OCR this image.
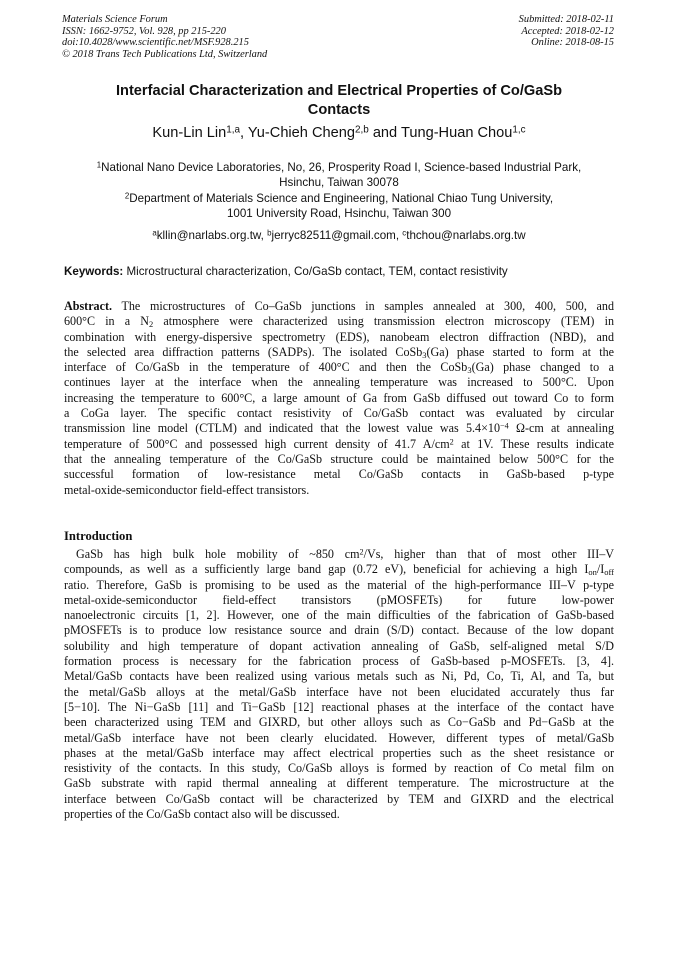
Materials Science Forum
ISSN: 1662-9752, Vol. 928, pp 215-220
doi:10.4028/www.scientific.net/MSF.928.215
© 2018 Trans Tech Publications Ltd, Switzerland
Submitted: 2018-02-11
Accepted: 2018-02-12
Online: 2018-08-15
Interfacial Characterization and Electrical Properties of Co/GaSb
Contacts
Kun-Lin Lin$^{1,a}$, Yu-Chieh Cheng$^{2,b}$ and Tung-Huan Chou$^{1,c}$
$^1$National Nano Device Laboratories, No, 26, Prosperity Road I, Science-based Industrial Park,
Hsinchu, Taiwan 30078
$^2$Department of Materials Science and Engineering, National Chiao Tung University,
1001 University Road, Hsinchu, Taiwan 300
$^a$kllin@narlabs.org.tw, $^b$jerryc82511@gmail.com, $^c$thchou@narlabs.org.tw
Keywords: Microstructural characterization, Co/GaSb contact, TEM, contact resistivity
Abstract. The microstructures of Co–GaSb junctions in samples annealed at 300, 400, 500, and
600°C in a $N_2$ atmosphere were characterized using transmission electron microscopy (TEM) in
combination with energy-dispersive spectrometry (EDS), nanobeam electron diffraction (NBD), and
the selected area diffraction patterns (SADPs). The isolated CoSb$_3$(Ga) phase started to form at the
interface of Co/GaSb in the temperature of 400°C and then the CoSb$_3$(Ga) phase changed to a
continues layer at the interface when the annealing temperature was increased to 500°C. Upon
increasing the temperature to 600°C, a large amount of Ga from GaSb diffused out toward Co to form
a CoGa layer. The specific contact resistivity of Co/GaSb contact was evaluated by circular
transmission line model (CTLM) and indicated that the lowest value was $5.4\times 10^{-4}$ Ω-cm at annealing
temperature of 500°C and possessed high current density of 41.7 $A/cm^2$ at 1V. These results indicate
that the annealing temperature of the Co/GaSb structure could be maintained below 500°C for the
successful formation of low-resistance metal Co/GaSb contacts in GaSb-based p-type
metal-oxide-semiconductor field-effect transistors.
Introduction
GaSb has high bulk hole mobility of ~850 $cm^2/Vs$, higher than that of most other III–V
compounds, as well as a sufficiently large band gap (0.72 eV), beneficial for achieving a high $I_{on}/I_{off}$
ratio. Therefore, GaSb is promising to be used as the material of the high-performance III–V p-type
metal-oxide-semiconductor field-effect transistors (pMOSFETs) for future low-power
nanoelectronic circuits [1, 2]. However, one of the main difficulties of the fabrication of GaSb-based
pMOSFETs is to produce low resistance source and drain (S/D) contact. Because of the low dopant
solubility and high temperature of dopant activation annealing of GaSb, self-aligned metal S/D
formation process is necessary for the fabrication process of GaSb-based p-MOSFETs. [3, 4].
Metal/GaSb contacts have been realized using various metals such as Ni, Pd, Co, Ti, Al, and Ta, but
the metal/GaSb alloys at the metal/GaSb interface have not been elucidated accurately thus far
[5−10]. The Ni−GaSb [11] and Ti−GaSb [12] reactional phases at the interface of the contact have
been characterized using TEM and GIXRD, but other alloys such as Co−GaSb and Pd−GaSb at the
metal/GaSb interface have not been clearly elucidated. However, different types of metal/GaSb
phases at the metal/GaSb interface may affect electrical properties such as the sheet resistance or
resistivity of the contacts. In this study, Co/GaSb alloys is formed by reaction of Co metal film on
GaSb substrate with rapid thermal annealing at different temperature. The microstructure at the
interface between Co/GaSb contact will be characterized by TEM and GIXRD and the electrical
properties of the Co/GaSb contact also will be discussed.
